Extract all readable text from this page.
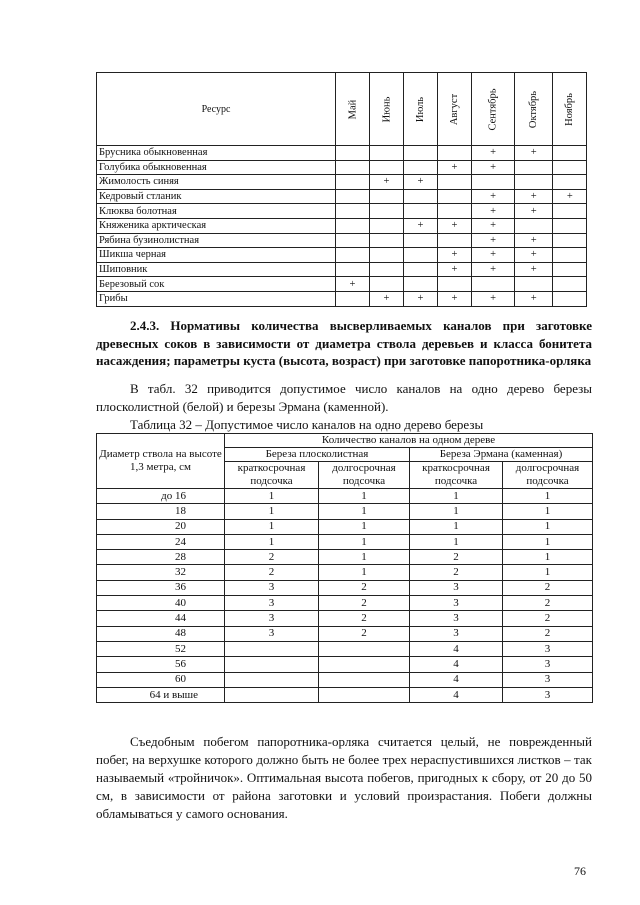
Ресурс	Май	Июнь	Июль	Август	Сентябрь	Октябрь	Ноябрь
Брусника обыкновенная					+	+	
Голубика обыкновенная				+	+		
Жимолость синяя		+	+				
Кедровый стланик					+	+	+
Клюква болотная					+	+	
Княженика арктическая			+	+	+		
Рябина бузинолистная					+	+	
Шикша черная				+	+	+	
Шиповник				+	+	+	
Березовый сок	+						
Грибы		+	+	+	+	+	
2.4.3. Нормативы количества высверливаемых каналов при заготовке древесных соков в зависимости от диаметра ствола деревьев и класса бонитета насаждения; параметры куста (высота, возраст) при заготовке папоротника-орляка
В табл. 32 приводится допустимое число каналов на одно дерево березы плосколистной (белой) и березы Эрмана (каменной).
Таблица 32 – Допустимое число каналов на одно дерево березы
Диаметр ствола на высоте 1,3 метра, см	Количество каналов на одном дереве			
	Береза плосколистная		Береза Эрмана (каменная)	
	краткосрочная подсочка	долгосрочная подсочка	краткосрочная подсочка	долгосрочная подсочка
до 16	1	1	1	1
18	1	1	1	1
20	1	1	1	1
24	1	1	1	1
28	2	1	2	1
32	2	1	2	1
36	3	2	3	2
40	3	2	3	2
44	3	2	3	2
48	3	2	3	2
52			4	3
56			4	3
60			4	3
64 и выше			4	3
Съедобным побегом папоротника-орляка считается целый, не поврежденный побег, на верхушке которого должно быть не более трех нераспустившихся листков – так называемый «тройничок». Оптимальная высота побегов, пригодных к сбору, от 20 до 50 см, в зависимости от района заготовки и условий произрастания. Побеги должны обламываться у самого основания.
76
